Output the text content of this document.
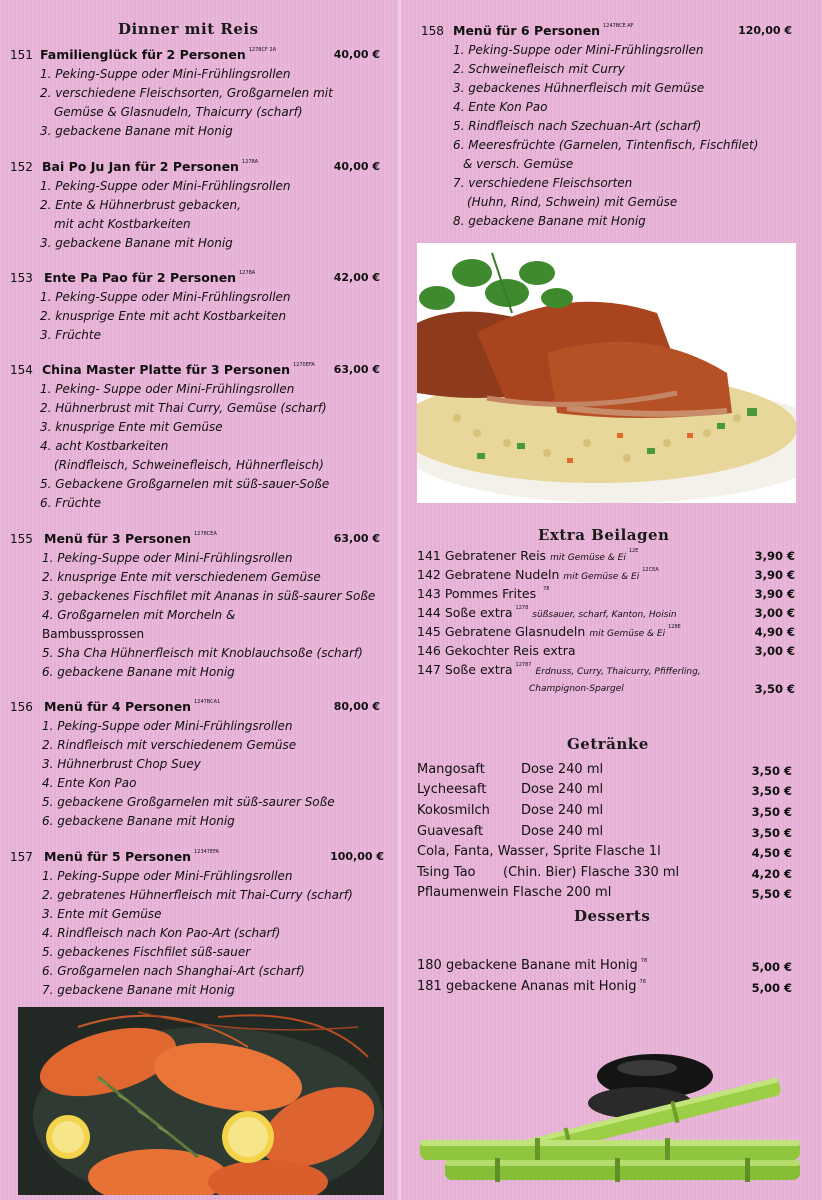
Dinner mit Reis
151 Familienglück für 2 Personen $^{1278CF 2A}$	40,00 €
1. Peking-Suppe oder Mini-Frühlingsrollen
2. verschiedene Fleischsorten, Großgarnelen mit
Gemüse & Glasnudeln, Thaicurry (scharf)
3. gebackene Banane mit Honig
152 Bai Po Ju Jan für 2 Personen $^{1278A}$	40,00 €
1. Peking-Suppe oder Mini-Frühlingsrollen
2. Ente & Hühnerbrust gebacken,
mit acht Kostbarkeiten
3. gebackene Banane mit Honig
153 Ente Pa Pao für 2 Personen $^{1278A}$	42,00 €
1. Peking-Suppe oder Mini-Frühlingsrollen
2. knusprige Ente mit acht Kostbarkeiten
3. Früchte
154 China Master Platte für 3 Personen $^{1270EFA}$ 63,00 €
1. Peking- Suppe oder Mini-Frühlingsrollen
2. Hühnerbrust mit Thai Curry, Gemüse (scharf)
3. knusprige Ente mit Gemüse
4. acht Kostbarkeiten
(Rindfleisch, Schweinefleisch, Hühnerfleisch)
5. Gebackene Großgarnelen mit süß-sauer-Soße
6. Früchte
155 Menü für 3 Personen $^{1278CEA}$	63,00 €
1. Peking-Suppe oder Mini-Frühlingsrollen
2. knusprige Ente mit verschiedenem Gemüse
3. gebackenes Fischfilet mit Ananas in süß-saurer Soße
4. Großgarnelen mit Morcheln &
Bambussprossen
5. Sha Cha Hühnerfleisch mit Knoblauchsoße (scharf)
6. gebackene Banane mit Honig
156 Menü für 4 Personen $^{1247BCA1}$	80,00 €
1. Peking-Suppe oder Mini-Frühlingsrollen
2. Rindfleisch mit verschiedenem Gemüse
3. Hühnerbrust Chop Suey
4. Ente Kon Pao
5. gebackene Großgarnelen mit süß-saurer Soße
6. gebackene Banane mit Honig
157 Menü für 5 Personen $^{12347EFA}$	100,00 €
1. Peking-Suppe oder Mini-Frühlingsrollen
2. gebratenes Hühnerfleisch mit Thai-Curry (scharf)
3. Ente mit Gemüse
4. Rindfleisch nach Kon Pao-Art (scharf)
5. gebackenes Fischfilet süß-sauer
6. Großgarnelen nach Shanghai-Art (scharf)
7. gebackene Banane mit Honig
158 Menü für 6 Personen $^{1247BCE AF}$	120,00 €
1. Peking-Suppe oder Mini-Frühlingsrollen
2. Schweinefleisch mit Curry
3. gebackenes Hühnerfleisch mit Gemüse
4. Ente Kon Pao
5. Rindfleisch nach Szechuan-Art (scharf)
6. Meeresfrüchte (Garnelen, Tintenfisch, Fischfilet)
& versch. Gemüse
7. verschiedene Fleischsorten
(Huhn, Rind, Schwein) mit Gemüse
8. gebackene Banane mit Honig
Extra Beilagen
141 Gebratener Reis mit Gemüse & $Ei^{12E}$	3,90 €
142 Gebratene Nudeln mit Gemüse & $Ei^{12CEA}$	3,90 €
143 Pommes Frites $^{78}$	3,90 €
144 Soße extra $^{1278}$süßsauer, scharf, Kanton, Hoisin	3,00 €
145 Gebratene Glasnudeln mit Gemüse & $Ei^{128E}$	4,90 €
146 Gekochter Reis extra	3,00 €
147 Soße extra $^{12787}$Erdnuss, Curry, Thaicurry, Pfifferling,
Champignon-Spargel	3,50 €
Getränke
Mangosaft	Dose 240 ml	3,50 €
Lycheesaft	Dose 240 ml	3,50 €
Kokosmilch Dose 240 ml	3,50 €
Guavesaft	Dose 240 ml	3,50 €
Cola, Fanta, Wasser, Sprite Flasche 1l	4,50 €
Tsing Tao (Chin. Bier) Flasche 330 ml	4,20 €
Pflaumenwein Flasche 200 ml	5,50 €
Desserts
180 gebackene Banane mit Honig $^{78}$	5,00 €
181 gebackene Ananas mit Honig $^{78}$	5,00 €
